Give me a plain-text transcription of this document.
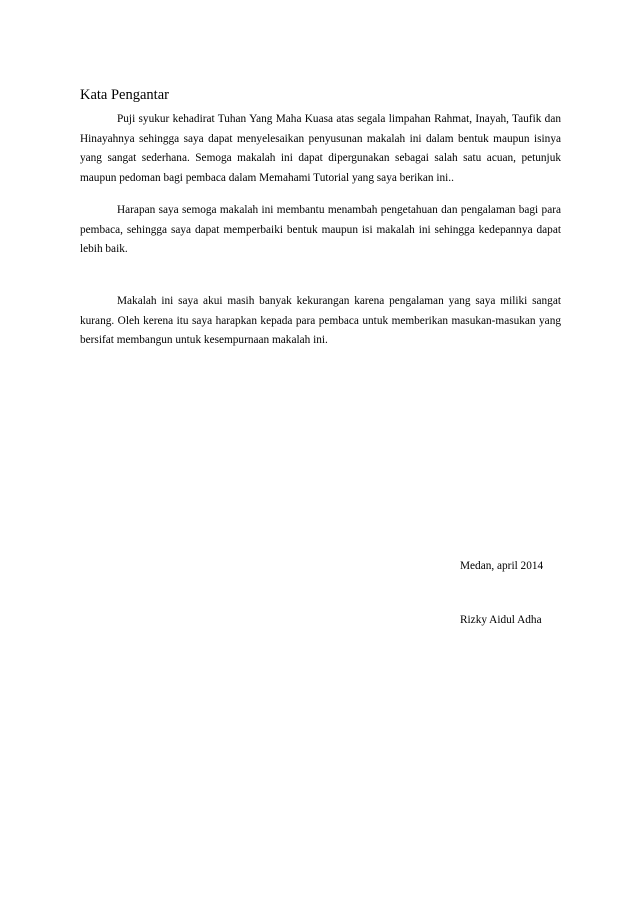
Kata Pengantar

Puji syukur kehadirat Tuhan Yang Maha Kuasa atas segala limpahan Rahmat, Inayah, Taufik dan Hinayahnya sehingga saya dapat menyelesaikan penyusunan makalah ini dalam bentuk maupun isinya yang sangat sederhana. Semoga makalah ini dapat dipergunakan sebagai salah satu acuan, petunjuk maupun pedoman bagi pembaca dalam Memahami Tutorial yang saya berikan ini..

Harapan saya semoga makalah ini membantu menambah pengetahuan dan pengalaman bagi para pembaca, sehingga saya dapat memperbaiki bentuk maupun isi makalah ini sehingga kedepannya dapat lebih baik.

Makalah ini saya akui masih banyak kekurangan karena pengalaman yang saya miliki sangat kurang. Oleh kerena itu saya harapkan kepada para pembaca untuk memberikan masukan-masukan yang bersifat membangun untuk kesempurnaan makalah ini.

Medan, april 2014
Rizky Aidul Adha
